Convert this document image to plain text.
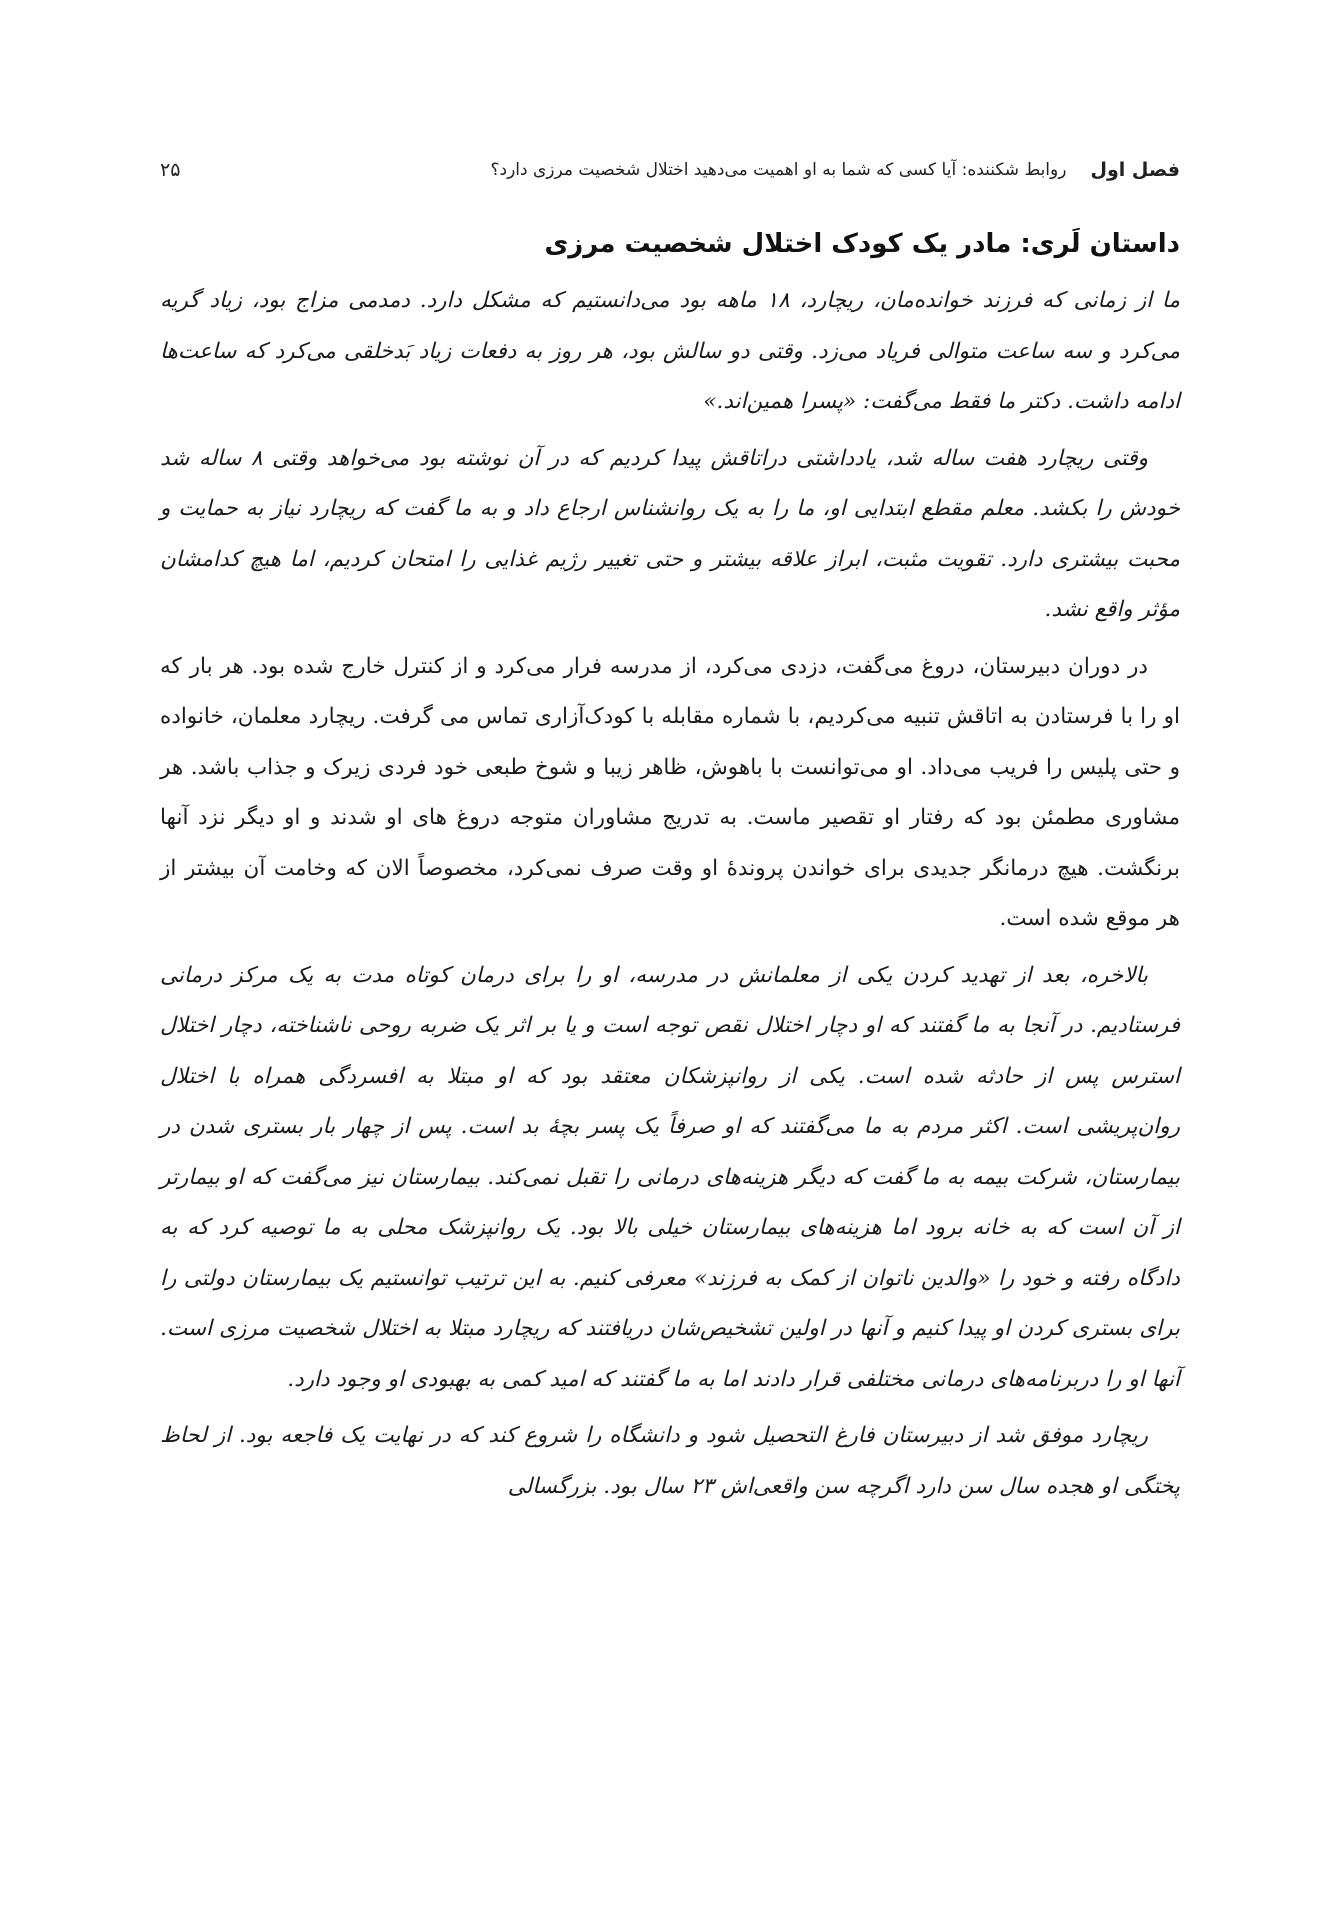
فصل اول
روابط شکننده: آیا کسی که شما به او اهمیت می‌دهید اختلال شخصیت مرزی دارد؟
۲۵
داستان لَری: مادر یک کودک اختلال شخصیت مرزی

ما از زمانی که فرزند خوانده‌مان، ریچارد، ۱۸ ماهه بود می‌دانستیم که مشکل دارد. دمدمی مزاج بود، زیاد گریه می‌کرد و سه ساعت متوالی فریاد می‌زد. وقتی دو سالش بود، هر روز به دفعات زیاد بَدخلقی می‌کرد که ساعت‌ها ادامه داشت. دکتر ما فقط می‌گفت: «پسرا همین‌اند.»

وقتی ریچارد هفت ساله شد، یادداشتی دراتاقش پیدا کردیم که در آن نوشته بود می‌خواهد وقتی ۸ ساله شد خودش را بکشد. معلم مقطع ابتدایی او، ما را به یک روانشناس ارجاع داد و به ما گفت که ریچارد نیاز به حمایت و محبت بیشتری دارد. تقویت مثبت، ابراز علاقه بیشتر و حتی تغییر رژیم غذایی را امتحان کردیم، اما هیچ کدامشان مؤثر واقع نشد.

در دوران دبیرستان، دروغ می‌گفت، دزدی می‌کرد، از مدرسه فرار می‌کرد و از کنترل خارج شده بود. هر بار که او را با فرستادن به اتاقش تنبیه می‌کردیم، با شماره مقابله با کودک‌آزاری تماس می گرفت. ریچارد معلمان، خانواده و حتی پلیس را فریب می‌داد. او می‌توانست با باهوش، ظاهر زیبا و شوخ طبعی خود فردی زیرک و جذاب باشد. هر مشاوری مطمئن بود که رفتار او تقصیر ماست. به تدریج مشاوران متوجه دروغ های او شدند و او دیگر نزد آنها برنگشت. هیچ درمانگر جدیدی برای خواندن پروندهٔ او وقت صرف نمی‌کرد، مخصوصاً الان که وخامت آن بیشتر از هر موقع شده است.

بالاخره، بعد از تهدید کردن یکی از معلمانش در مدرسه، او را برای درمان کوتاه مدت به یک مرکز درمانی فرستادیم. در آنجا به ما گفتند که او دچار اختلال نقص توجه است و یا بر اثر یک ضربه روحی ناشناخته، دچار اختلال استرس پس از حادثه شده است. یکی از روانپزشکان معتقد بود که او مبتلا به افسردگی همراه با اختلال روان‌پریشی است. اکثر مردم به ما می‌گفتند که او صرفاً یک پسر بچهٔ بد است. پس از چهار بار بستری شدن در بیمارستان، شرکت بیمه به ما گفت که دیگر هزینه‌های درمانی را تقبل نمی‌کند. بیمارستان نیز می‌گفت که او بیمارتر از آن است که به خانه برود اما هزینه‌های بیمارستان خیلی بالا بود. یک روانپزشک محلی به ما توصیه کرد که به دادگاه رفته و خود را «والدین ناتوان از کمک به فرزند» معرفی کنیم. به این ترتیب توانستیم یک بیمارستان دولتی را برای بستری کردن او پیدا کنیم و آنها در اولین تشخیص‌شان دریافتند که ریچارد مبتلا به اختلال شخصیت مرزی است. آنها او را دربرنامه‌های درمانی مختلفی قرار دادند اما به ما گفتند که امید کمی به بهبودی او وجود دارد.

ریچارد موفق شد از دبیرستان فارغ التحصیل شود و دانشگاه را شروع کند که در نهایت یک فاجعه بود. از لحاظ پختگی او هجده سال سن دارد اگرچه سن واقعی‌اش ۲۳ سال بود. بزرگسالی
